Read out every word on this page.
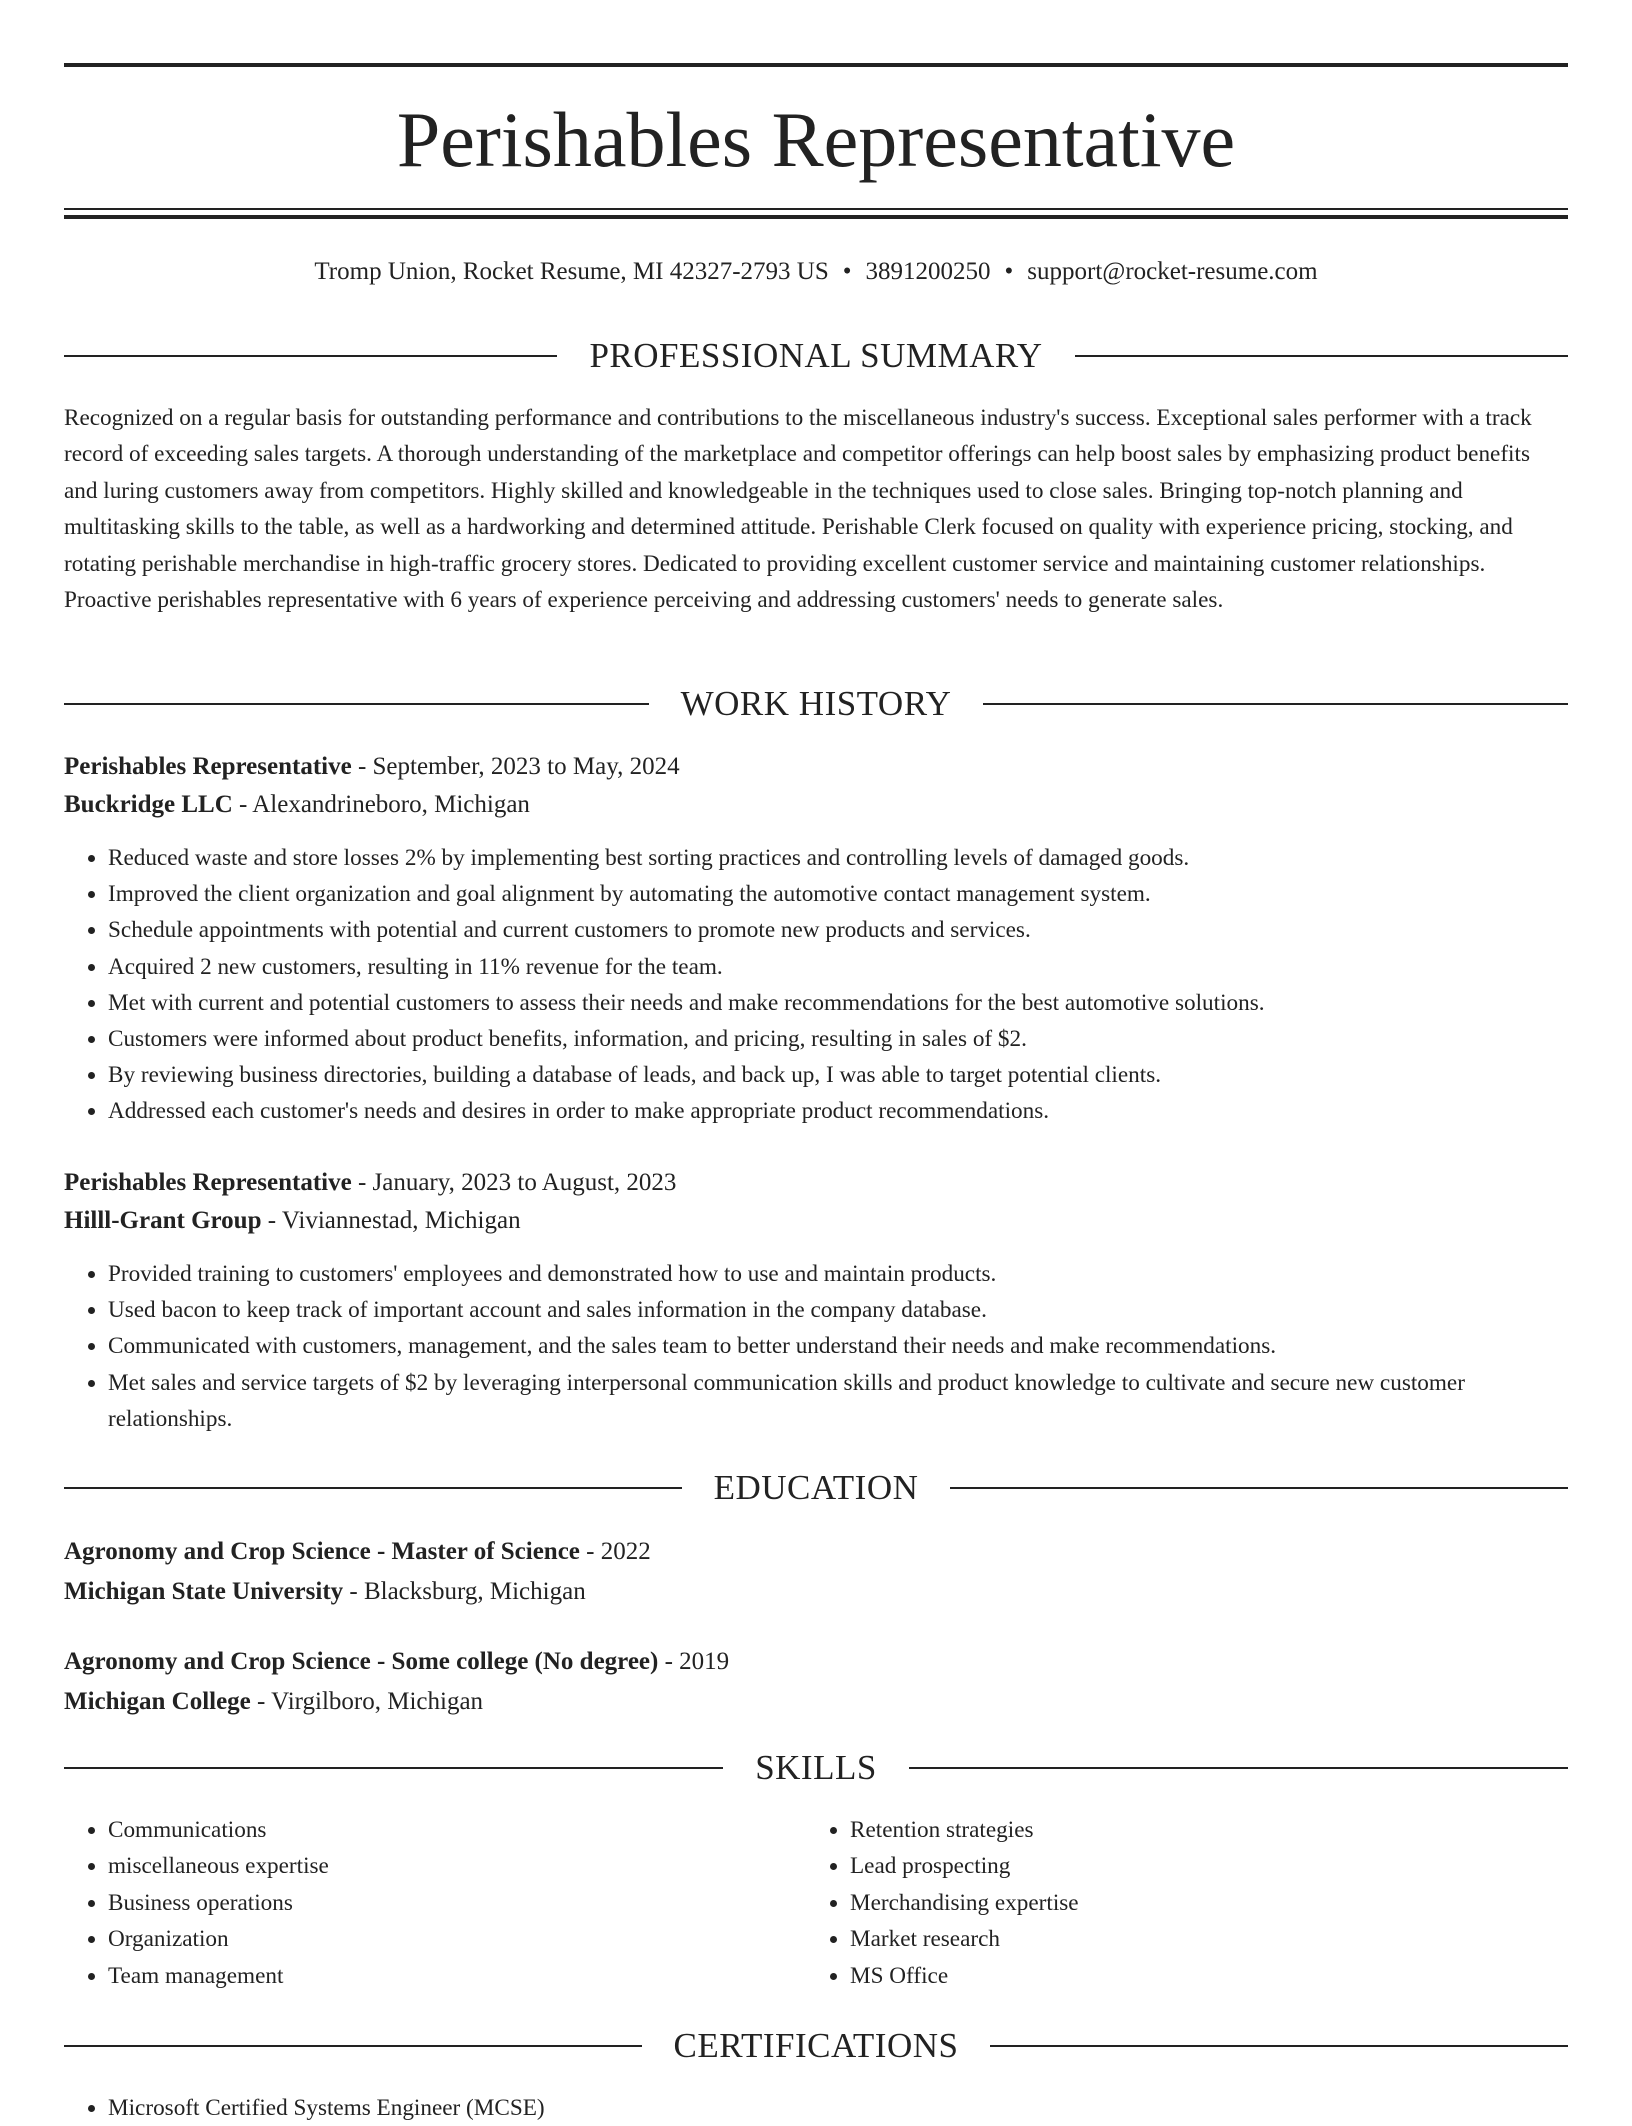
Perishables Representative
Tromp Union, Rocket Resume, MI 42327-2793 US • 3891200250 • support@rocket-resume.com
PROFESSIONAL SUMMARY

Recognized on a regular basis for outstanding performance and contributions to the miscellaneous industry's success. Exceptional sales performer with a track record of exceeding sales targets. A thorough understanding of the marketplace and competitor offerings can help boost sales by emphasizing product benefits and luring customers away from competitors. Highly skilled and knowledgeable in the techniques used to close sales. Bringing top-notch planning and multitasking skills to the table, as well as a hardworking and determined attitude. Perishable Clerk focused on quality with experience pricing, stocking, and rotating perishable merchandise in high-traffic grocery stores. Dedicated to providing excellent customer service and maintaining customer relationships. Proactive perishables representative with 6 years of experience perceiving and addressing customers' needs to generate sales.

WORK HISTORY
Perishables Representative - September, 2023 to May, 2024
Buckridge LLC - Alexandrineboro, Michigan
• Reduced waste and store losses 2% by implementing best sorting practices and controlling levels of damaged goods.
• Improved the client organization and goal alignment by automating the automotive contact management system.
• Schedule appointments with potential and current customers to promote new products and services.
• Acquired 2 new customers, resulting in 11% revenue for the team.
• Met with current and potential customers to assess their needs and make recommendations for the best automotive solutions.
• Customers were informed about product benefits, information, and pricing, resulting in sales of $2.
• By reviewing business directories, building a database of leads, and back up, I was able to target potential clients.
• Addressed each customer's needs and desires in order to make appropriate product recommendations.
Perishables Representative - January, 2023 to August, 2023
Hilll-Grant Group - Viviannestad, Michigan
• Provided training to customers' employees and demonstrated how to use and maintain products.
• Used bacon to keep track of important account and sales information in the company database.
• Communicated with customers, management, and the sales team to better understand their needs and make recommendations.
• Met sales and service targets of $2 by leveraging interpersonal communication skills and product knowledge to cultivate and secure new customer relationships.
EDUCATION
Agronomy and Crop Science - Master of Science - 2022
Michigan State University - Blacksburg, Michigan
Agronomy and Crop Science - Some college (No degree) - 2019
Michigan College - Virgilboro, Michigan
SKILLS
• Communications
• miscellaneous expertise
• Business operations
• Organization
• Team management
• Retention strategies
• Lead prospecting
• Merchandising expertise
• Market research
• MS Office
CERTIFICATIONS
• Microsoft Certified Systems Engineer (MCSE)
